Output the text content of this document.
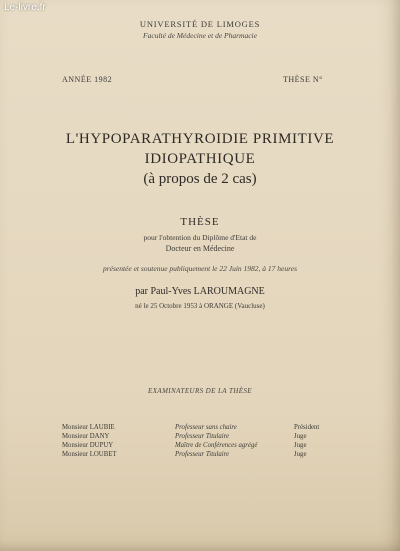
Le-livre.fr
UNIVERSITÉ DE LIMOGES
Faculté de Médecine et de Pharmacie
ANNÉE 1982	THÈSE N°
L'HYPOPARATHYROIDIE PRIMITIVE
IDIOPATHIQUE
(à propos de 2 cas)
THÈSE
pour l'obtention du Diplôme d'Etat de
Docteur en Médecine
présentée et soutenue publiquement le 22 Juin 1982, à 17 heures
par Paul-Yves LAROUMAGNE
né le 25 Octobre 1953 à ORANGE (Vaucluse)
EXAMINATEURS DE LA THÈSE
Monsieur LAUBIE	Professeur sans chaire	Président
Monsieur DANY	Professeur Titulaire	Juge
Monsieur DUPUY	Maître de Conférences agrégé	Juge
Monsieur LOUBET	Professeur Titulaire	Juge
